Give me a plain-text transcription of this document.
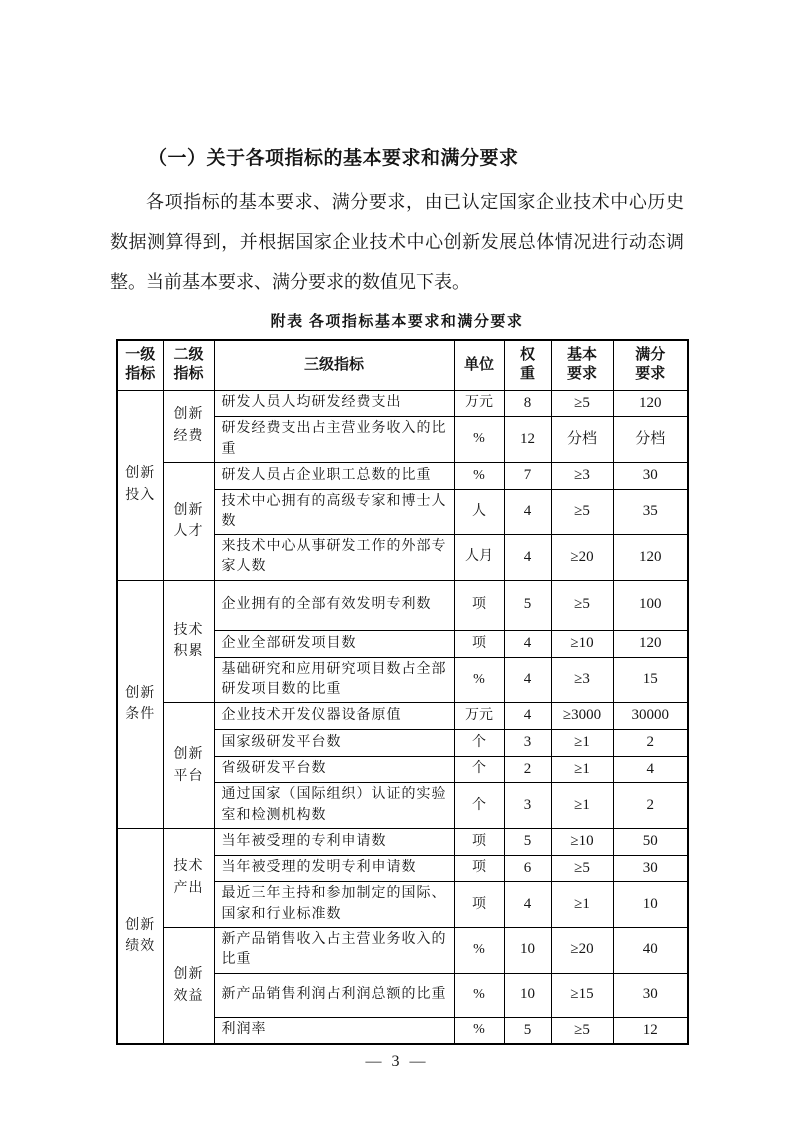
（一）关于各项指标的基本要求和满分要求
各项指标的基本要求、满分要求，由已认定国家企业技术中心历史数据测算得到，并根据国家企业技术中心创新发展总体情况进行动态调整。当前基本要求、满分要求的数值见下表。
附表 各项指标基本要求和满分要求
一级指标	二级指标	三级指标	单位	权重	基本要求	满分要求
创新投入	创新经费	研发人员人均研发经费支出	万元	8	≥5	120
		研发经费支出占主营业务收入的比重	%	12	分档	分档
	创新人才	研发人员占企业职工总数的比重	%	7	≥3	30
		技术中心拥有的高级专家和博士人数	人	4	≥5	35
		来技术中心从事研发工作的外部专家人数	人月	4	≥20	120
创新条件	技术积累	企业拥有的全部有效发明专利数	项	5	≥5	100
		企业全部研发项目数	项	4	≥10	120
		基础研究和应用研究项目数占全部研发项目数的比重	%	4	≥3	15
	创新平台	企业技术开发仪器设备原值	万元	4	≥3000	30000
		国家级研发平台数	个	3	≥1	2
		省级研发平台数	个	2	≥1	4
		通过国家（国际组织）认证的实验室和检测机构数	个	3	≥1	2
创新绩效	技术产出	当年被受理的专利申请数	项	5	≥10	50
		当年被受理的发明专利申请数	项	6	≥5	30
		最近三年主持和参加制定的国际、国家和行业标准数	项	4	≥1	10
	创新效益	新产品销售收入占主营业务收入的比重	%	10	≥20	40
		新产品销售利润占利润总额的比重	%	10	≥15	30
		利润率	%	5	≥5	12
— 3 —
